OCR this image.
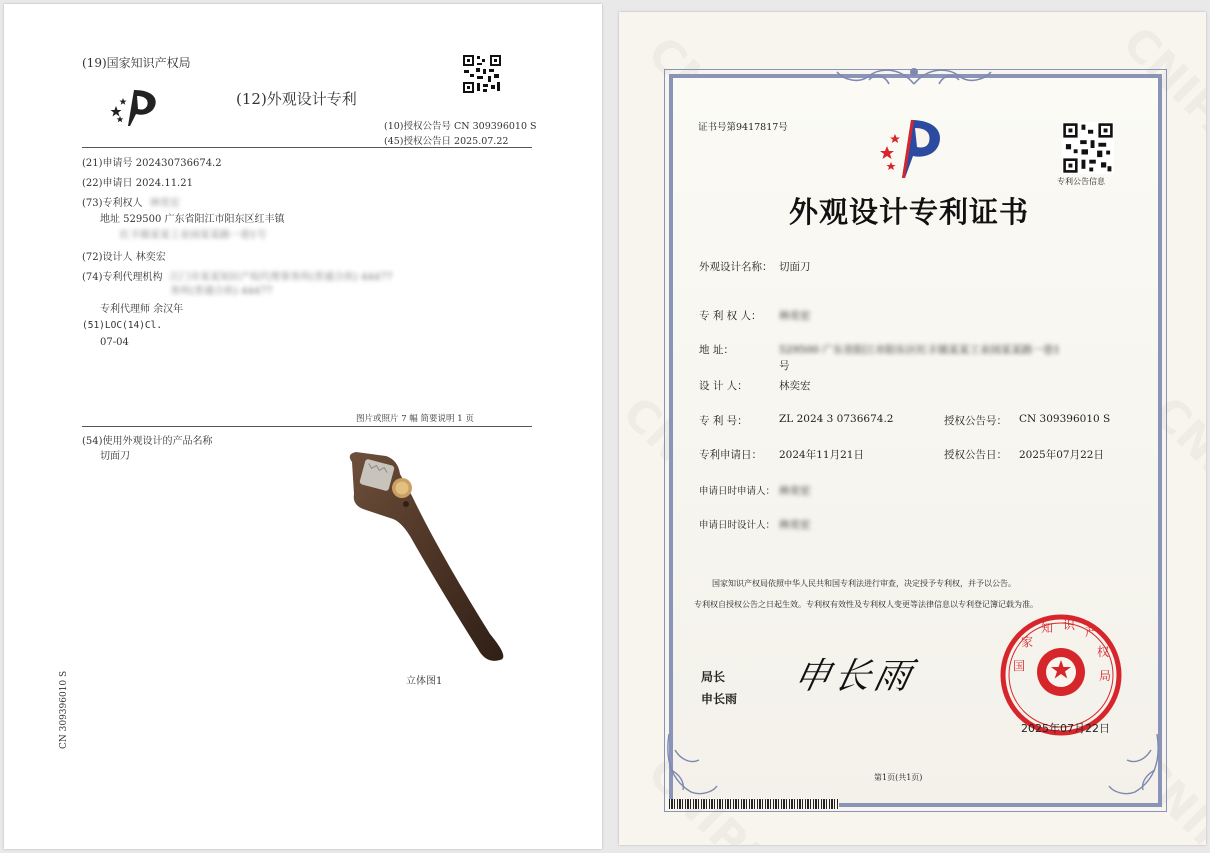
(19)国家知识产权局
(12)外观设计专利
(10)授权公告号 CN 309396010 S
(45)授权公告日 2025.07.22
(21)申请号 202430736674.2
(22)申请日 2024.11.21
(73)专利权人 林奕宏
地址 529500 广东省阳江市阳东区红丰镇
红丰镇某某工业园某某路一巷1号
(72)设计人 林奕宏
(74)专利代理机构 江门市某某知识产权代理事务所(普通合伙) 44477
务所(普通合伙) 44477
专利代理师 余汉年
(51)LOC(14)Cl.
07-04
图片或照片 7 幅 简要说明 1 页
(54)使用外观设计的产品名称
切面刀
立体图1
CN 309396010 S
证书号第9417817号
专利公告信息
外观设计专利证书
外观设计名称： 切面刀
专 利 权 人： 林奕宏
地 址：	529500 广东省阳江市阳东区红丰镇某某工业园某某路一巷1
号
设 计 人：	林奕宏
专 利 号：	ZL 2024 3 0736674.2	授权公告号： CN 309396010 S
专利申请日： 2024年11月21日	授权公告日： 2025年07月22日
申请日时申请人： 林奕宏
申请日时设计人： 林奕宏
国家知识产权局依照中华人民共和国专利法进行审查，决定授予专利权，并予以公告。
专利权自授权公告之日起生效。专利权有效性及专利权人变更等法律信息以专利登记簿记载为准。
局长
申长雨
申长雨	国
家
知 识 产
权
局
2025年07月22日
第1页(共1页)
